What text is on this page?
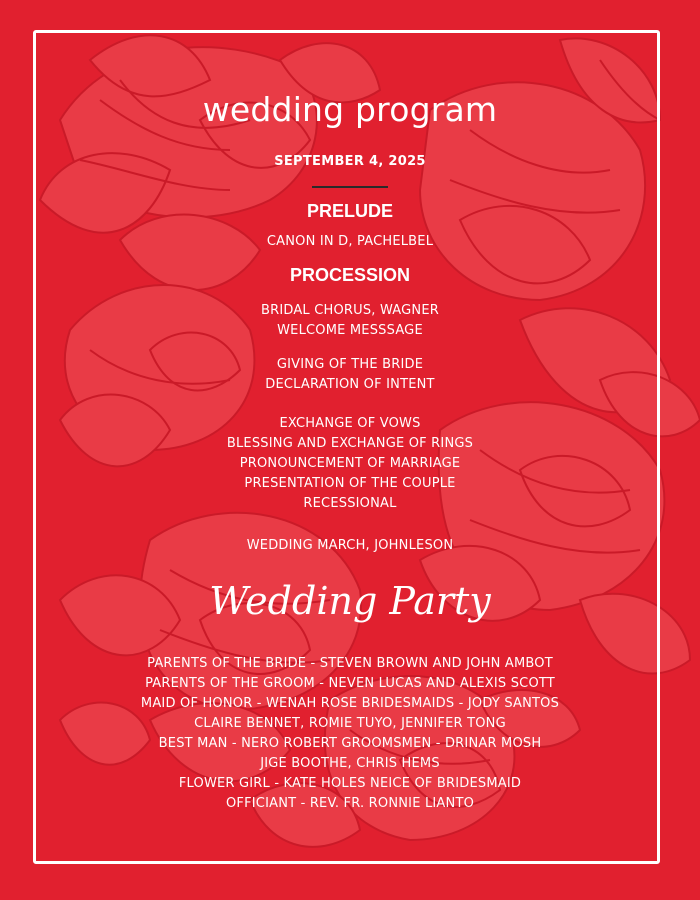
wedding program
SEPTEMBER 4, 2025
PRELUDE
CANON IN D, PACHELBEL
PROCESSION
BRIDAL CHORUS, WAGNER
WELCOME MESSSAGE
GIVING OF THE BRIDE
DECLARATION OF INTENT
EXCHANGE OF VOWS
BLESSING AND EXCHANGE OF RINGS
PRONOUNCEMENT OF MARRIAGE
PRESENTATION OF THE COUPLE
RECESSIONAL
WEDDING MARCH, JOHNLESON
Wedding Party
PARENTS OF THE BRIDE - STEVEN BROWN AND JOHN AMBOT
PARENTS OF THE GROOM - NEVEN LUCAS AND ALEXIS SCOTT
MAID OF HONOR - WENAH ROSE BRIDESMAIDS - JODY SANTOS
CLAIRE BENNET, ROMIE TUYO, JENNIFER TONG
BEST MAN - NERO ROBERT GROOMSMEN - DRINAR MOSH
JIGE BOOTHE, CHRIS HEMS
FLOWER GIRL - KATE HOLES NEICE OF BRIDESMAID
OFFICIANT - REV. FR. RONNIE LIANTO
